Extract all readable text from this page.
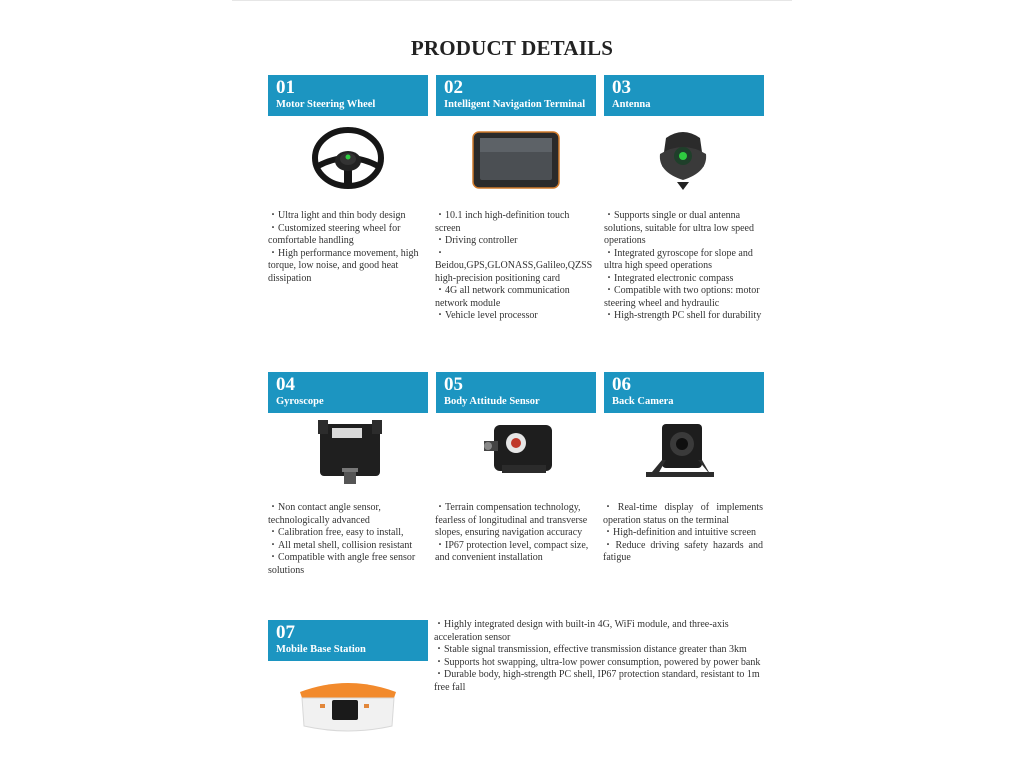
PRODUCT DETAILS
01
Motor Steering Wheel
02
Intelligent Navigation Terminal
03
Antenna
04
Gyroscope
05
Body Attitude Sensor
06
Back Camera
07
Mobile Base Station
・Ultra light and thin body design
・Customized steering wheel for comfortable handling
・High performance movement, high torque, low noise, and good heat dissipation
・10.1 inch high-definition touch screen
・Driving controller
・Beidou,GPS,GLONASS,Galileo,QZSS high-precision positioning card
・4G all network communication network module
・Vehicle level processor
・Supports single or dual antenna solutions, suitable for ultra low speed operations
・Integrated gyroscope for slope and ultra high speed operations
・Integrated electronic compass
・Compatible with two options: motor steering wheel and hydraulic
・High-strength PC shell for durability
・Non contact angle sensor, technologically advanced
・Calibration free, easy to install,
・All metal shell, collision resistant
・Compatible with angle free sensor solutions
・Terrain compensation technology, fearless of longitudinal and transverse slopes, ensuring navigation accuracy
・IP67 protection level, compact size, and convenient installation
・Real-time display of implements operation status on the terminal
・High-definition and intuitive screen
・Reduce driving safety hazards and fatigue
・Highly integrated design with built-in 4G, WiFi module, and three-axis acceleration sensor
・Stable signal transmission, effective transmission distance greater than 3km
・Supports hot swapping, ultra-low power consumption, powered by power bank
・Durable body, high-strength PC shell, IP67 protection standard, resistant to 1m free fall
